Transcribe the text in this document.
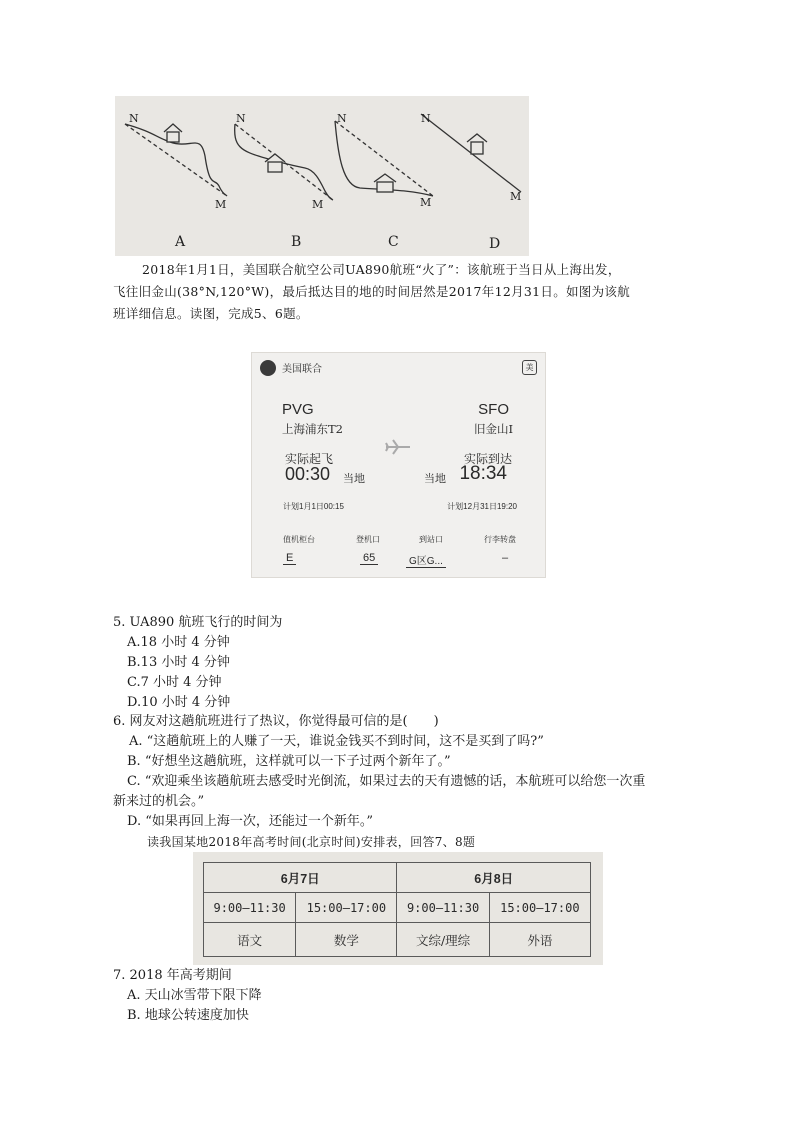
N
M
N
M
N
M
N
M
A	B	C	D
2018年1月1日，美国联合航空公司UA890航班“火了”：该航班于当日从上海出发，
飞往旧金山(38°N,120°W)，最后抵达目的地的时间居然是2017年12月31日。如图为该航
班详细信息。读图，完成5、6题。
美国联合	美
PVG
上海浦东T2
SFO
旧金山I
实际起飞
00:30 当地
实际到达
当地 18:34
计划1月1日00:15	计划12月31日19:20
值机柜台	登机口	到站口	行李转盘
E	65	G区G...	–
5. UA890 航班飞行的时间为
A.18 小时 4 分钟
B.13 小时 4 分钟
C.7 小时 4 分钟
D.10 小时 4 分钟
6. 网友对这趟航班进行了热议，你觉得最可信的是(　　)
A. “这趟航班上的人赚了一天，谁说金钱买不到时间，这不是买到了吗?”
B. “好想坐这趟航班，这样就可以一下子过两个新年了。”
C. “欢迎乘坐该趟航班去感受时光倒流，如果过去的天有遗憾的话，本航班可以给您一次重
新来过的机会。”
D. “如果再回上海一次，还能过一个新年。”
读我国某地2018年高考时间(北京时间)安排表，回答7、8题
6月7日		6月8日	
9:00—11:30	15:00—17:00	9:00—11:30	15:00—17:00
语文	数学	文综/理综	外语
7. 2018 年高考期间
A. 天山冰雪带下限下降
B. 地球公转速度加快
